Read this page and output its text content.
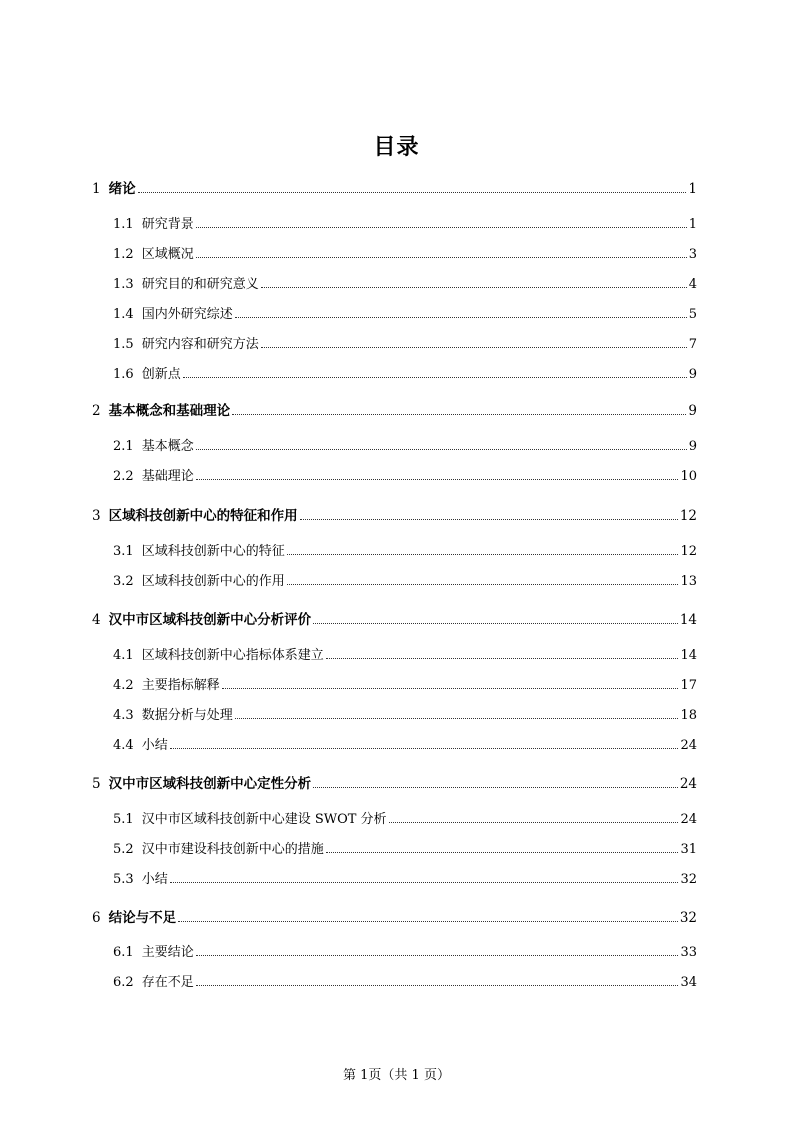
目录
1 绪论	1
1.1 研究背景	1
1.2 区域概况	3
1.3 研究目的和研究意义	4
1.4 国内外研究综述	5
1.5 研究内容和研究方法	7
1.6 创新点	9
2 基本概念和基础理论	9
2.1 基本概念	9
2.2 基础理论	10
3 区域科技创新中心的特征和作用	12
3.1 区域科技创新中心的特征	12
3.2 区域科技创新中心的作用	13
4 汉中市区域科技创新中心分析评价	14
4.1 区域科技创新中心指标体系建立	14
4.2 主要指标解释	17
4.3 数据分析与处理	18
4.4 小结	24
5 汉中市区域科技创新中心定性分析	24
5.1 汉中市区域科技创新中心建设 SWOT 分析	24
5.2 汉中市建设科技创新中心的措施	31
5.3 小结	32
6 结论与不足	32
6.1 主要结论	33
6.2 存在不足	34
第 1页（共 1 页）
